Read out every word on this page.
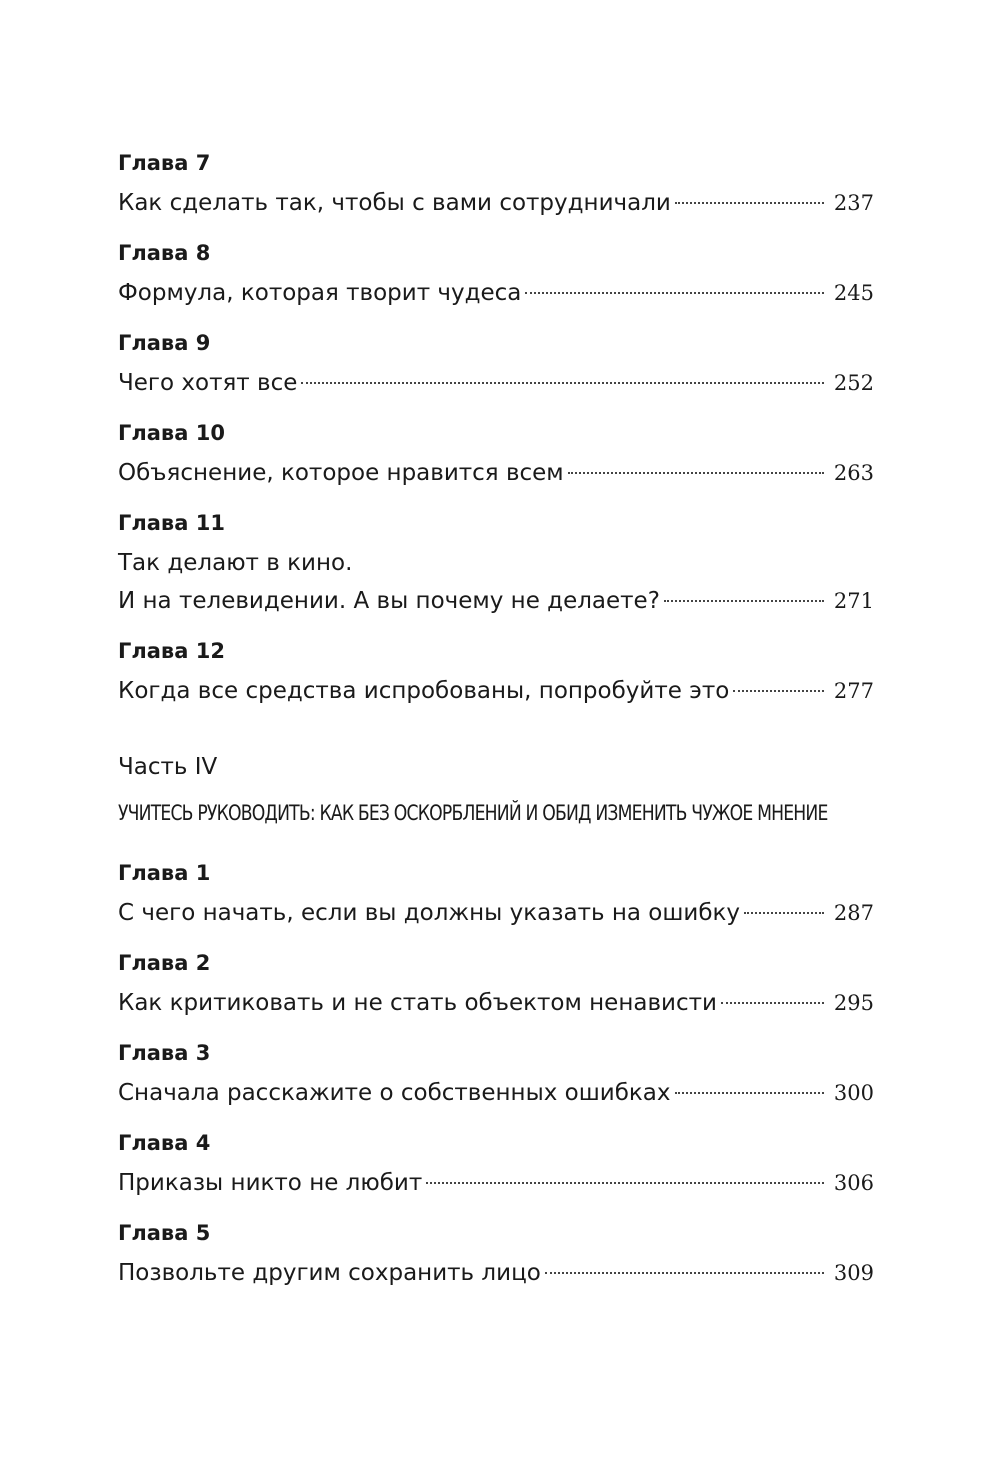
Глава 7
Как сделать так, чтобы с вами сотрудничали	237
Глава 8
Формула, которая творит чудеса	245
Глава 9
Чего хотят все	252
Глава 10
Объяснение, которое нравится всем	263
Глава 11
Так делают в кино.
И на телевидении. А вы почему не делаете?	271
Глава 12
Когда все средства испробованы, попробуйте это	277
Часть IV
УЧИТЕСЬ РУКОВОДИТЬ: КАК БЕЗ ОСКОРБЛЕНИЙ И ОБИД ИЗМЕНИТЬ ЧУЖОЕ МНЕНИЕ
Глава 1
С чего начать, если вы должны указать на ошибку	287
Глава 2
Как критиковать и не стать объектом ненависти	295
Глава 3
Сначала расскажите о собственных ошибках	300
Глава 4
Приказы никто не любит	306
Глава 5
Позвольте другим сохранить лицо	309
